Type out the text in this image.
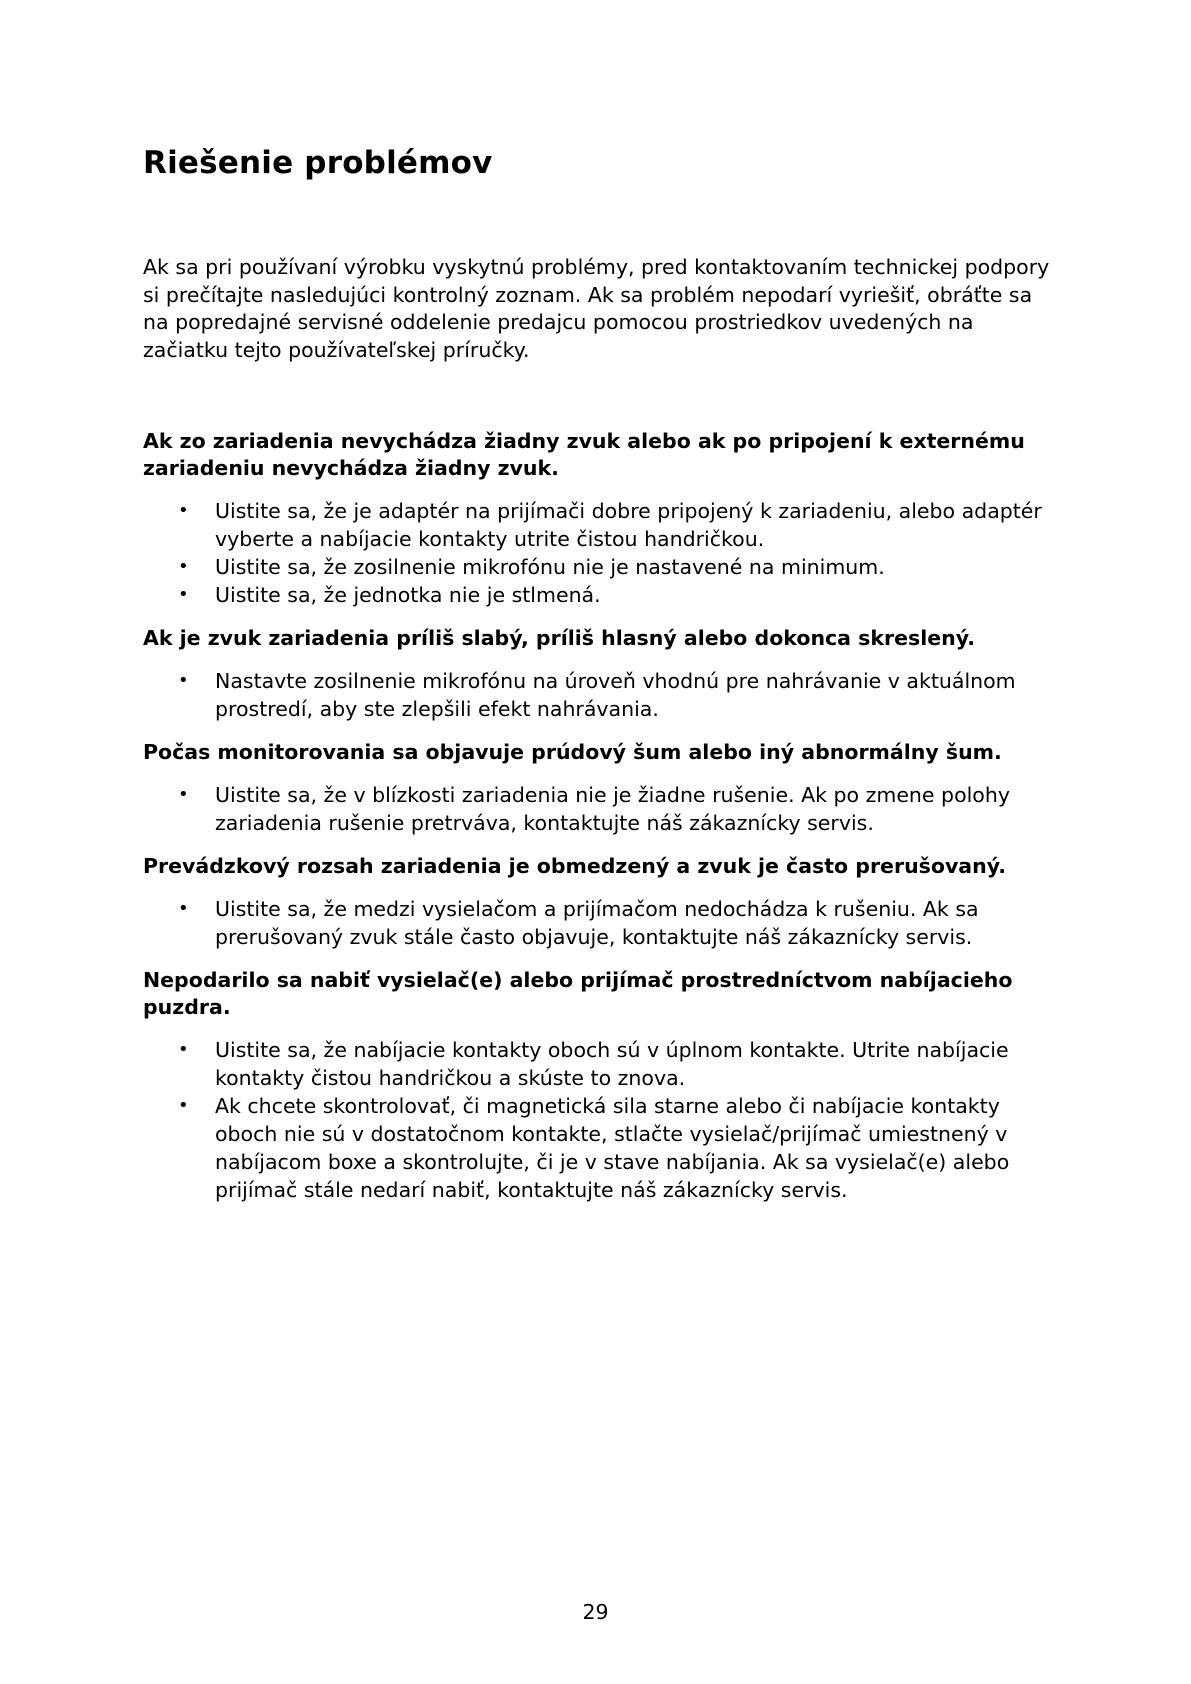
Riešenie problémov

Ak sa pri používaní výrobku vyskytnú problémy, pred kontaktovaním technickej podpory si prečítajte nasledujúci kontrolný zoznam. Ak sa problém nepodarí vyriešiť, obráťte sa na popredajné servisné oddelenie predajcu pomocou prostriedkov uvedených na začiatku tejto používateľskej príručky.

Ak zo zariadenia nevychádza žiadny zvuk alebo ak po pripojení k externému zariadeniu nevychádza žiadny zvuk.

• Uistite sa, že je adaptér na prijímači dobre pripojený k zariadeniu, alebo adaptér vyberte a nabíjacie kontakty utrite čistou handričkou.
• Uistite sa, že zosilnenie mikrofónu nie je nastavené na minimum.
• Uistite sa, že jednotka nie je stlmená.

Ak je zvuk zariadenia príliš slabý, príliš hlasný alebo dokonca skreslený.

• Nastavte zosilnenie mikrofónu na úroveň vhodnú pre nahrávanie v aktuálnom prostredí, aby ste zlepšili efekt nahrávania.

Počas monitorovania sa objavuje prúdový šum alebo iný abnormálny šum.

• Uistite sa, že v blízkosti zariadenia nie je žiadne rušenie. Ak po zmene polohy zariadenia rušenie pretrváva, kontaktujte náš zákaznícky servis.

Prevádzkový rozsah zariadenia je obmedzený a zvuk je často prerušovaný.

• Uistite sa, že medzi vysielačom a prijímačom nedochádza k rušeniu. Ak sa prerušovaný zvuk stále často objavuje, kontaktujte náš zákaznícky servis.

Nepodarilo sa nabiť vysielač(e) alebo prijímač prostredníctvom nabíjacieho puzdra.

• Uistite sa, že nabíjacie kontakty oboch sú v úplnom kontakte. Utrite nabíjacie kontakty čistou handričkou a skúste to znova.
• Ak chcete skontrolovať, či magnetická sila starne alebo či nabíjacie kontakty oboch nie sú v dostatočnom kontakte, stlačte vysielač/prijímač umiestnený v nabíjacom boxe a skontrolujte, či je v stave nabíjania. Ak sa vysielač(e) alebo prijímač stále nedarí nabiť, kontaktujte náš zákaznícky servis.
29
